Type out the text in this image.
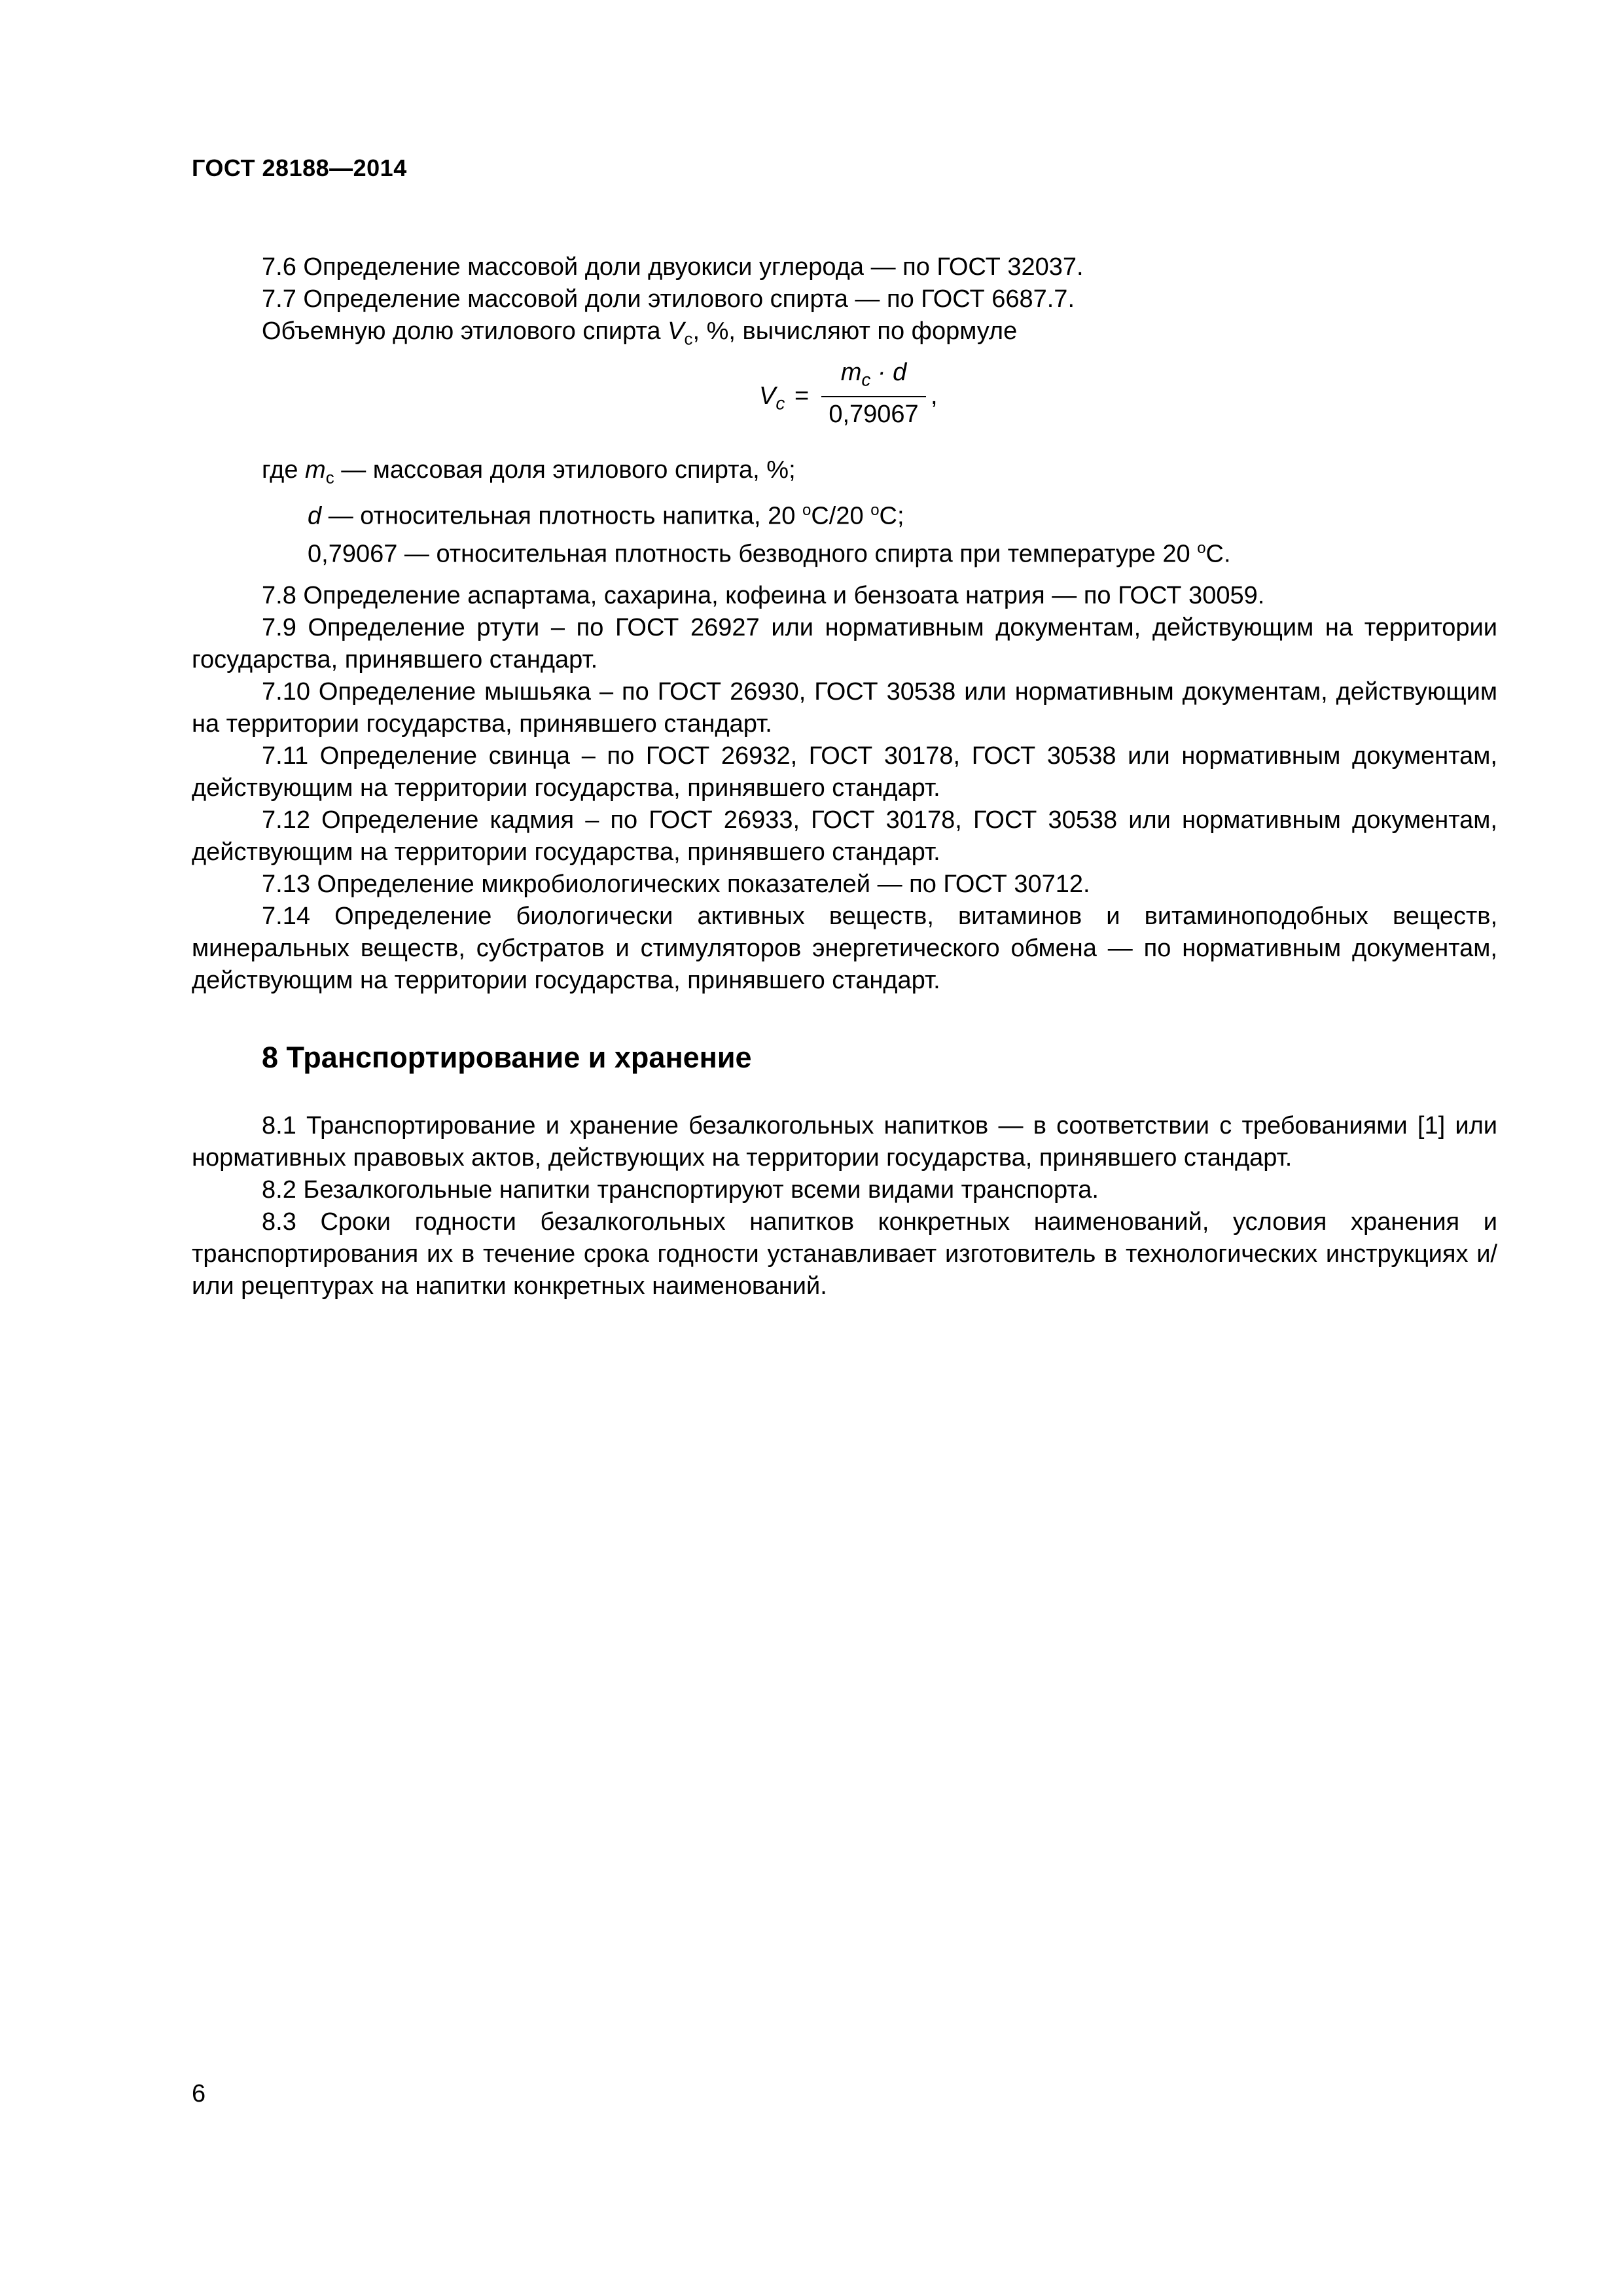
ГОСТ 28188—2014

7.6 Определение массовой доли двуокиси углерода — по ГОСТ 32037.

7.7 Определение массовой доли этилового спирта — по ГОСТ 6687.7.

Объемную долю этилового спирта $V_c$, %, вычисляют по формуле

$V_c$ =
$m_c \cdot d$
0,79067
,
где $m_c$ — массовая доля этилового спирта, %;
d — относительная плотность напитка, 20 $^o$C/20 $^o$C;
0,79067 — относительная плотность безводного спирта при температуре 20 $^o$C.

7.8 Определение аспартама, сахарина, кофеина и бензоата натрия — по ГОСТ 30059.

7.9 Определение ртути – по ГОСТ 26927 или нормативным документам, действующим на территории государства, принявшего стандарт.

7.10 Определение мышьяка – по ГОСТ 26930, ГОСТ 30538 или нормативным документам, действующим на территории государства, принявшего стандарт.

7.11 Определение свинца – по ГОСТ 26932, ГОСТ 30178, ГОСТ 30538 или нормативным документам, действующим на территории государства, принявшего стандарт.

7.12 Определение кадмия – по ГОСТ 26933, ГОСТ 30178, ГОСТ 30538 или нормативным документам, действующим на территории государства, принявшего стандарт.

7.13 Определение микробиологических показателей — по ГОСТ 30712.

7.14 Определение биологически активных веществ, витаминов и витаминоподобных веществ, минеральных веществ, субстратов и стимуляторов энергетического обмена — по нормативным документам, действующим на территории государства, принявшего стандарт.

8 Транспортирование и хранение

8.1 Транспортирование и хранение безалкогольных напитков — в соответствии с требованиями [1] или нормативных правовых актов, действующих на территории государства, принявшего стандарт.

8.2 Безалкогольные напитки транспортируют всеми видами транспорта.

8.3 Сроки годности безалкогольных напитков конкретных наименований, условия хранения и транспортирования их в течение срока годности устанавливает изготовитель в технологических инструкциях и/или рецептурах на напитки конкретных наименований.

6
